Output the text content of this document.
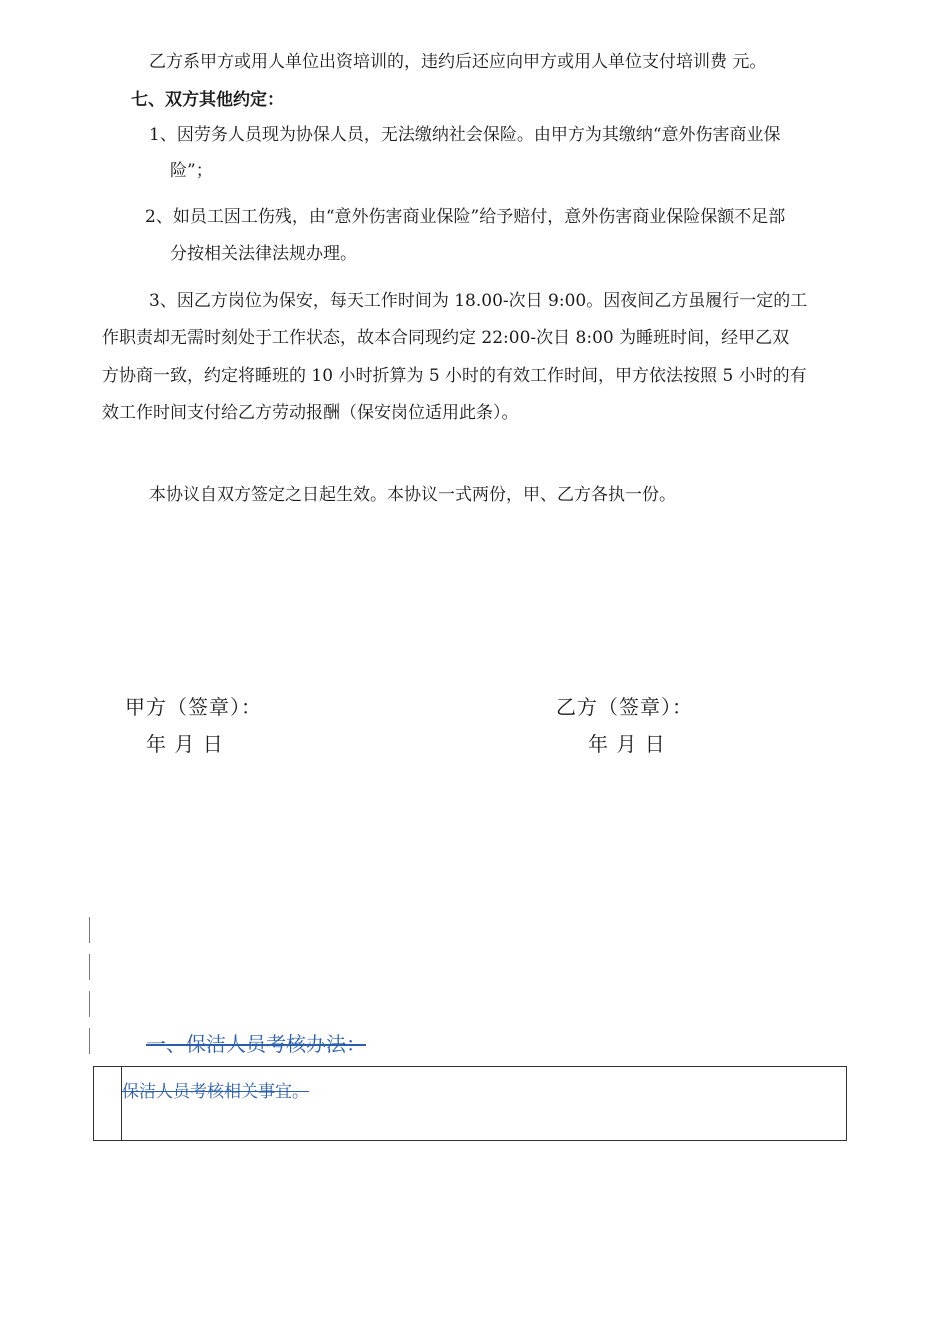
乙方系甲方或用人单位出资培训的，违约后还应向甲方或用人单位支付培训费 元。
七、双方其他约定：
1、因劳务人员现为协保人员，无法缴纳社会保险。由甲方为其缴纳“意外伤害商业保
险”；
2、如员工因工伤残，由“意外伤害商业保险”给予赔付，意外伤害商业保险保额不足部
分按相关法律法规办理。
3、因乙方岗位为保安，每天工作时间为 18.00-次日 9:00。因夜间乙方虽履行一定的工
作职责却无需时刻处于工作状态，故本合同现约定 22:00-次日 8:00 为睡班时间，经甲乙双
方协商一致，约定将睡班的 10 小时折算为 5 小时的有效工作时间，甲方依法按照 5 小时的有
效工作时间支付给乙方劳动报酬（保安岗位适用此条）。
本协议自双方签定之日起生效。本协议一式两份，甲、乙方各执一份。
甲方（签章）：
年 月 日
乙方（签章）：
年 月 日
一、保洁人员考核办法：
保洁人员考核相关事宜。
